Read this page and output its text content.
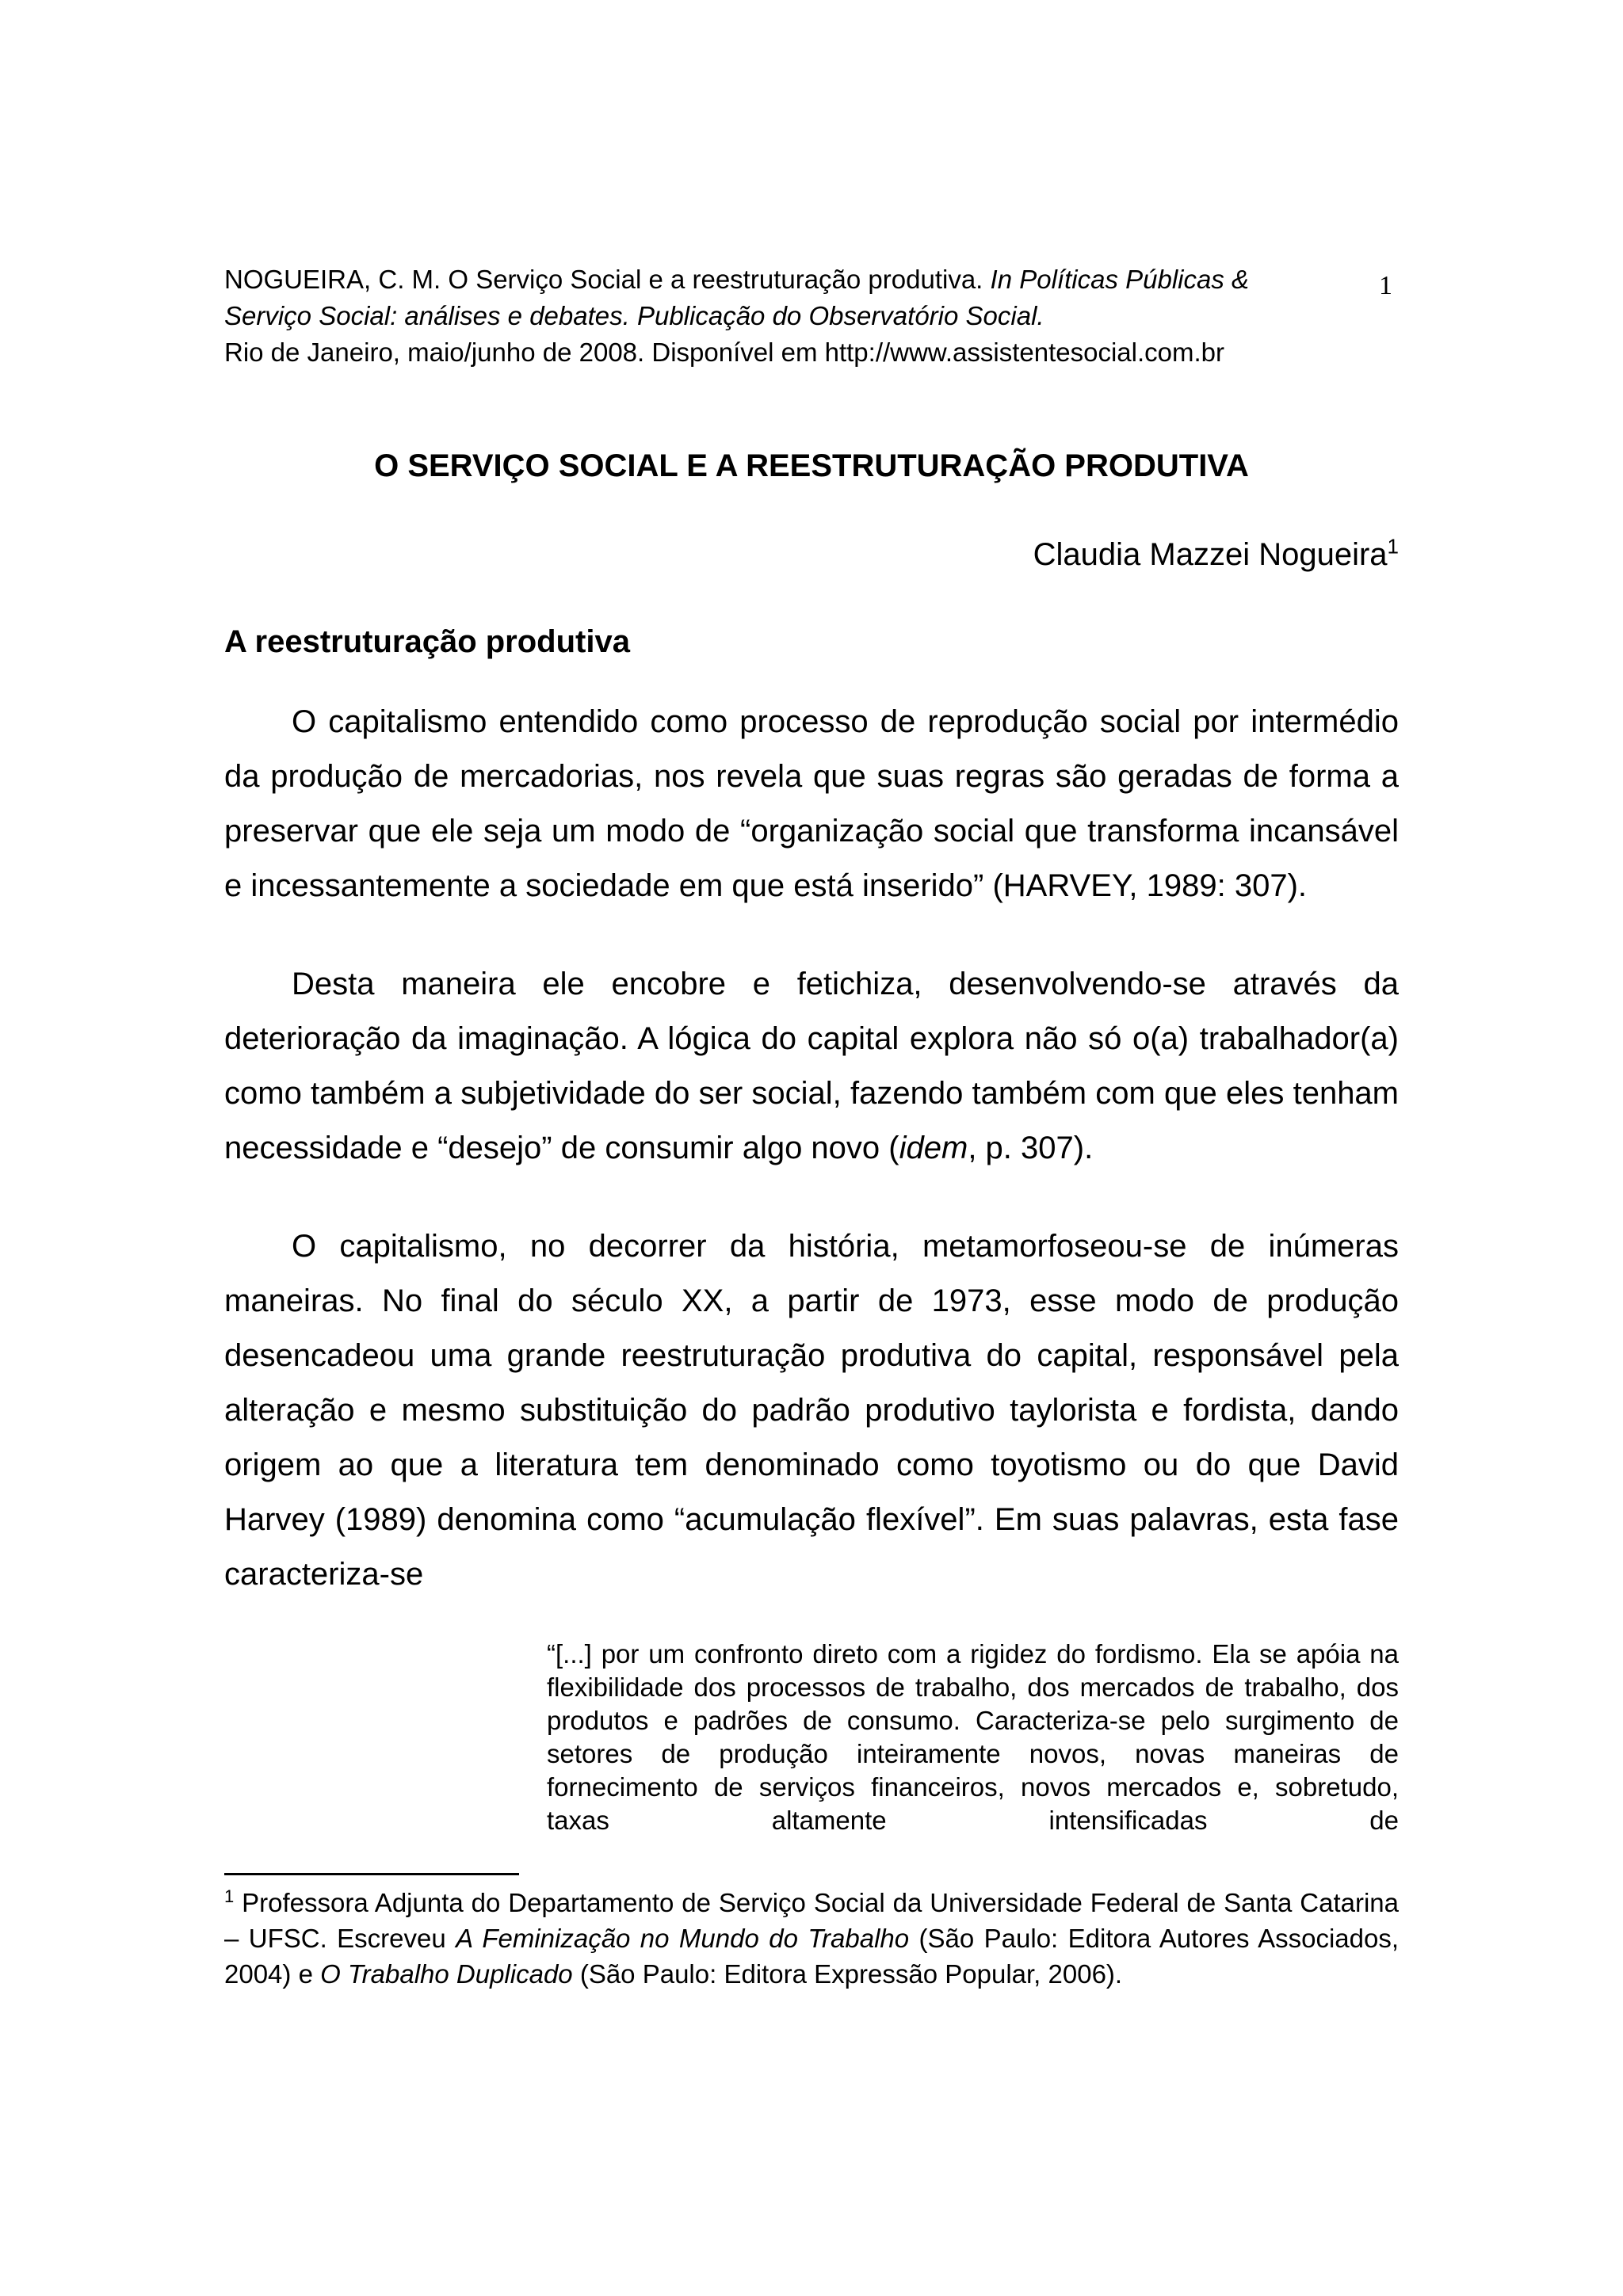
1
NOGUEIRA, C. M. O Serviço Social e a reestruturação produtiva. In Políticas Públicas &
Serviço Social: análises e debates. Publicação do Observatório Social.
Rio de Janeiro, maio/junho de 2008. Disponível em http://www.assistentesocial.com.br
O SERVIÇO SOCIAL E A REESTRUTURAÇÃO PRODUTIVA
Claudia Mazzei Nogueira$^1$
A reestruturação produtiva

O capitalismo entendido como processo de reprodução social por intermédio da produção de mercadorias, nos revela que suas regras são geradas de forma a preservar que ele seja um modo de “organização social que transforma incansável e incessantemente a sociedade em que está inserido” (HARVEY, 1989: 307).

Desta maneira ele encobre e fetichiza, desenvolvendo-se através da deterioração da imaginação. A lógica do capital explora não só o(a) trabalhador(a) como também a subjetividade do ser social, fazendo também com que eles tenham necessidade e “desejo” de consumir algo novo (idem, p. 307).

O capitalismo, no decorrer da história, metamorfoseou-se de inúmeras maneiras. No final do século XX, a partir de 1973, esse modo de produção desencadeou uma grande reestruturação produtiva do capital, responsável pela alteração e mesmo substituição do padrão produtivo taylorista e fordista, dando origem ao que a literatura tem denominado como toyotismo ou do que David Harvey (1989) denomina como “acumulação flexível”. Em suas palavras, esta fase caracteriza-se

“[...] por um confronto direto com a rigidez do fordismo. Ela se apóia na flexibilidade dos processos de trabalho, dos mercados de trabalho, dos produtos e padrões de consumo. Caracteriza-se pelo surgimento de setores de produção inteiramente novos, novas maneiras de fornecimento de serviços financeiros, novos mercados e, sobretudo, taxas altamente intensificadas de

$^1$ Professora Adjunta do Departamento de Serviço Social da Universidade Federal de Santa Catarina – UFSC. Escreveu A Feminização no Mundo do Trabalho (São Paulo: Editora Autores Associados, 2004) e O Trabalho Duplicado (São Paulo: Editora Expressão Popular, 2006).
